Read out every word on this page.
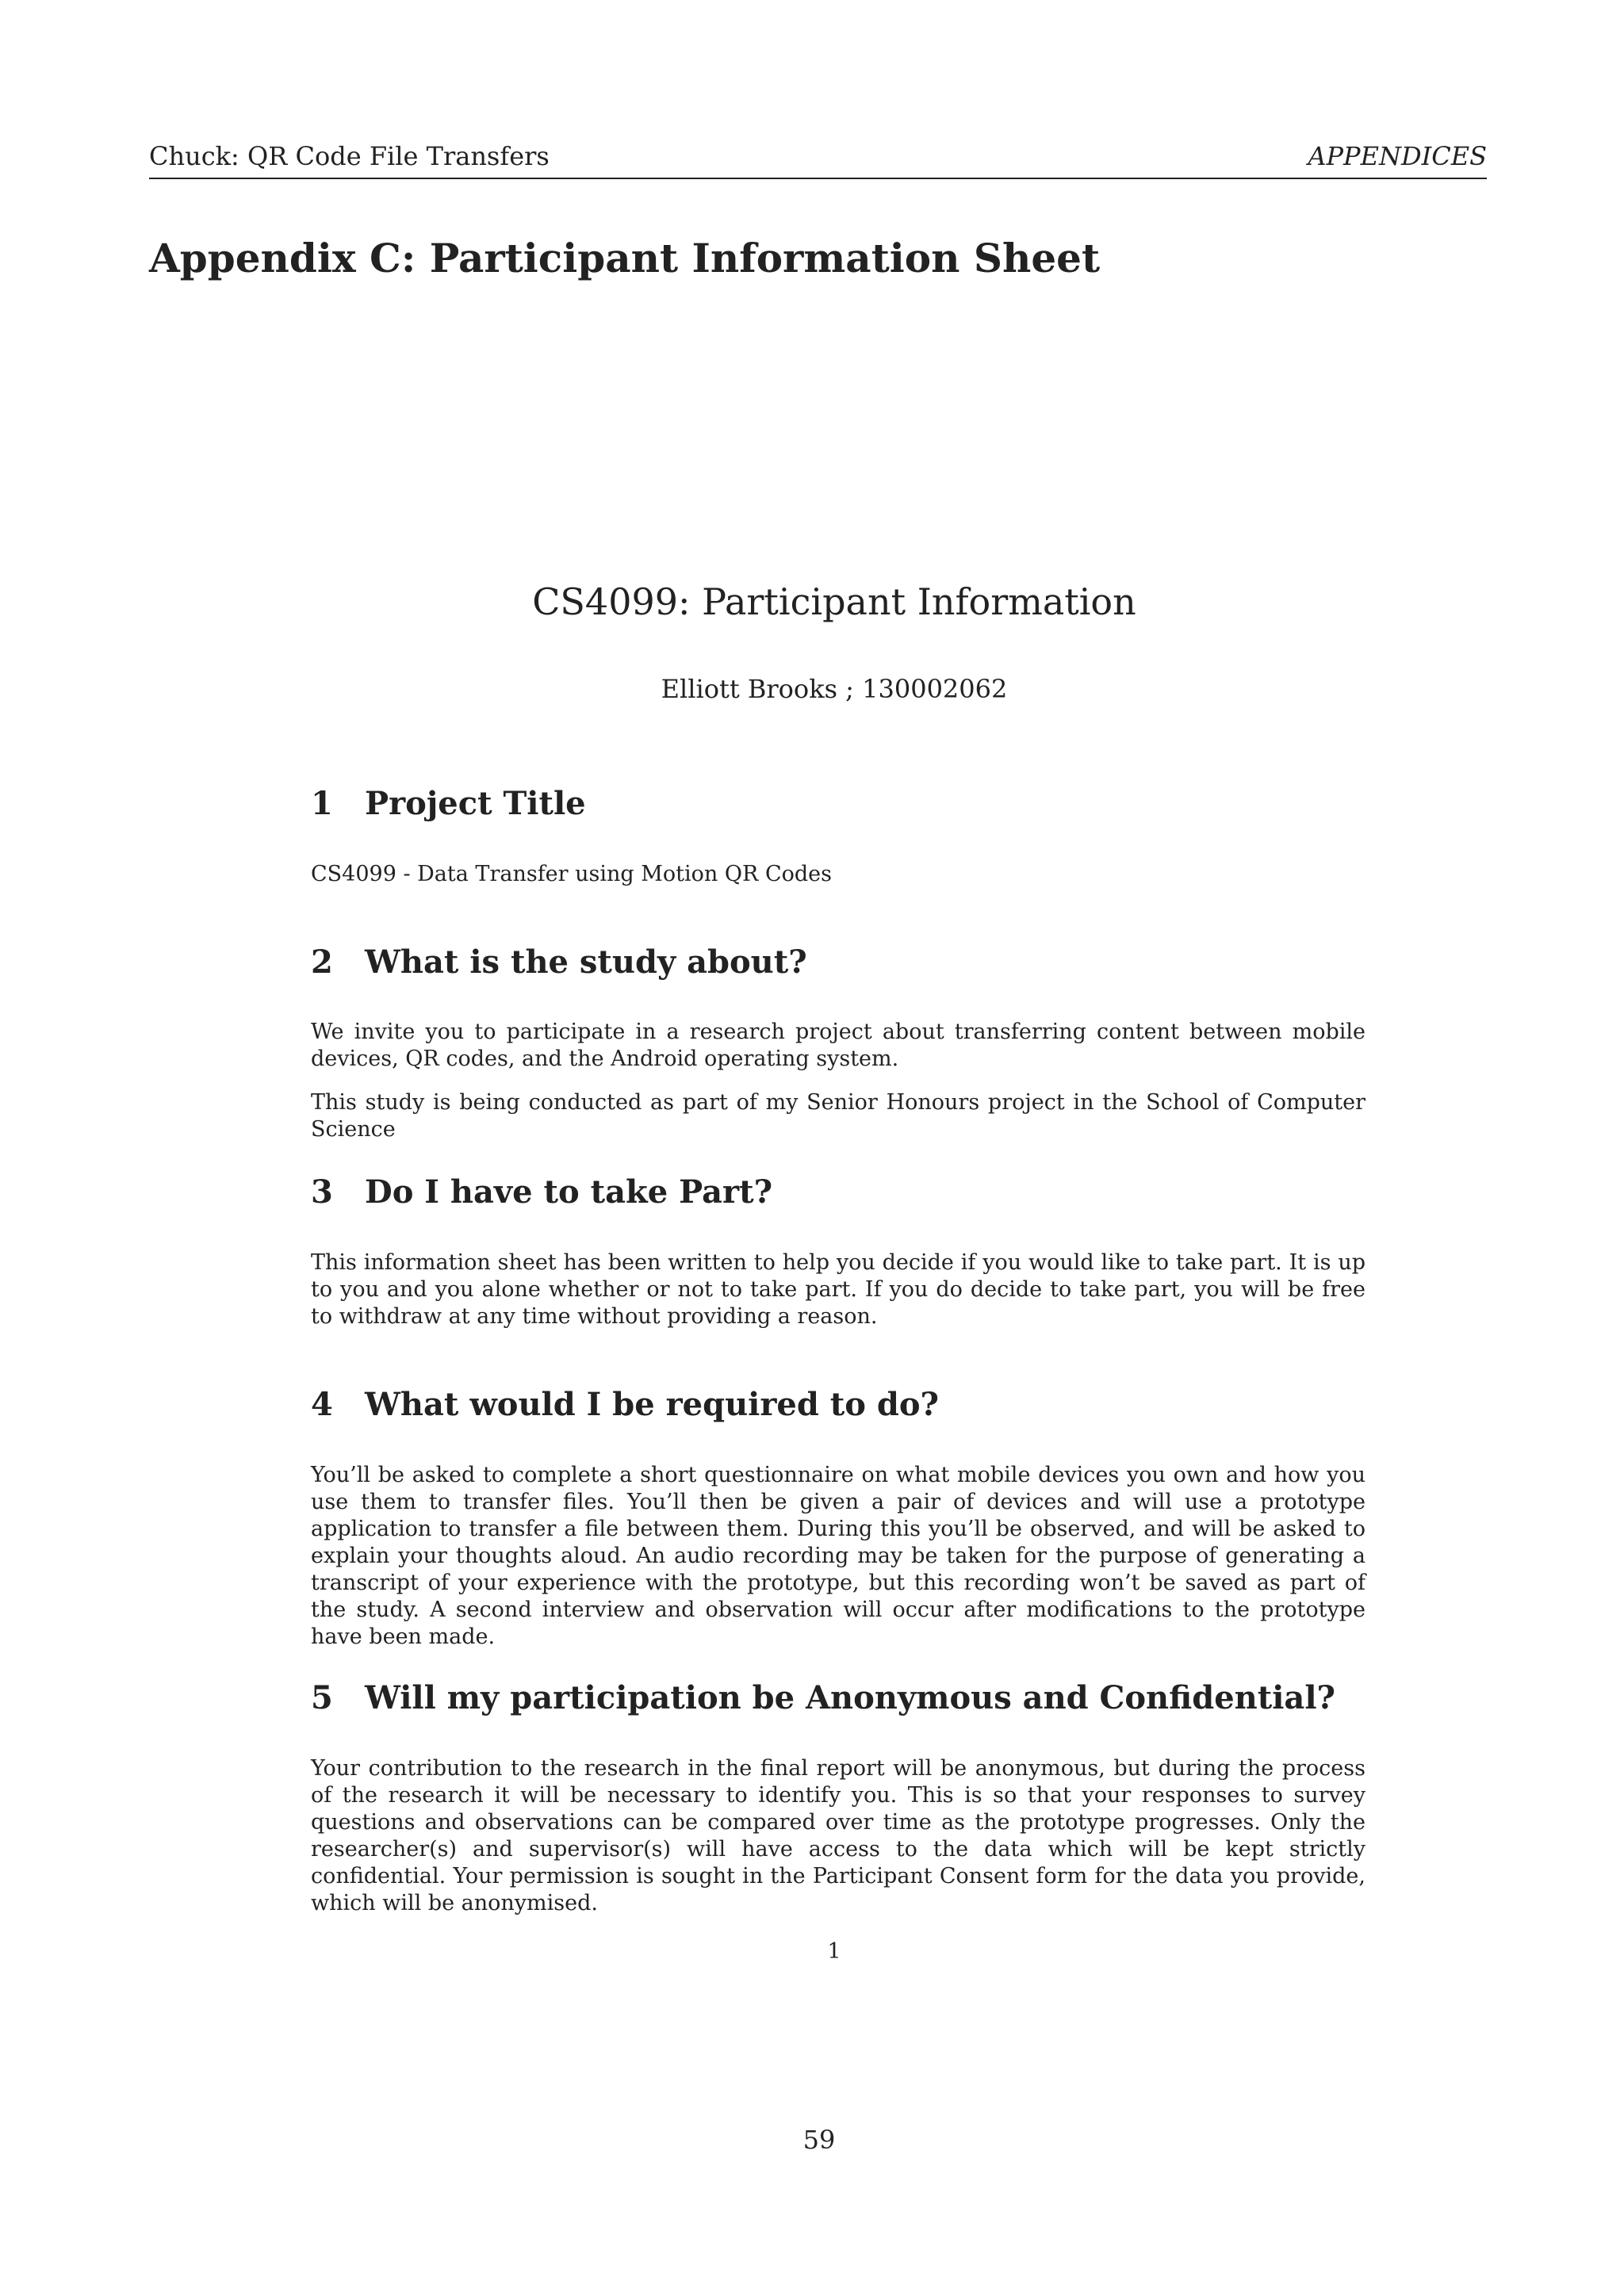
Chuck: QR Code File Transfers	APPENDICES
Appendix C: Participant Information Sheet
CS4099: Participant Information
Elliott Brooks ; 130002062
1 Project Title
CS4099 - Data Transfer using Motion QR Codes
2 What is the study about?
We invite you to participate in a research project about transferring content between mobile devices, QR codes, and the Android operating system.
This study is being conducted as part of my Senior Honours project in the School of Computer Science
3 Do I have to take Part?
This information sheet has been written to help you decide if you would like to take part. It is up to you and you alone whether or not to take part. If you do decide to take part, you will be free to withdraw at any time without providing a reason.
4 What would I be required to do?
You’ll be asked to complete a short questionnaire on what mobile devices you own and how you use them to transfer files. You’ll then be given a pair of devices and will use a prototype application to transfer a file between them. During this you’ll be observed, and will be asked to explain your thoughts aloud. An audio recording may be taken for the purpose of generating a transcript of your experience with the prototype, but this recording won’t be saved as part of the study. A second interview and observation will occur after modifications to the prototype have been made.
5 Will my participation be Anonymous and Confidential?
Your contribution to the research in the final report will be anonymous, but during the process of the research it will be necessary to identify you. This is so that your responses to survey questions and observations can be compared over time as the prototype progresses. Only the researcher(s) and supervisor(s) will have access to the data which will be kept strictly confidential. Your permission is sought in the Participant Consent form for the data you provide, which will be anonymised.
1
59
